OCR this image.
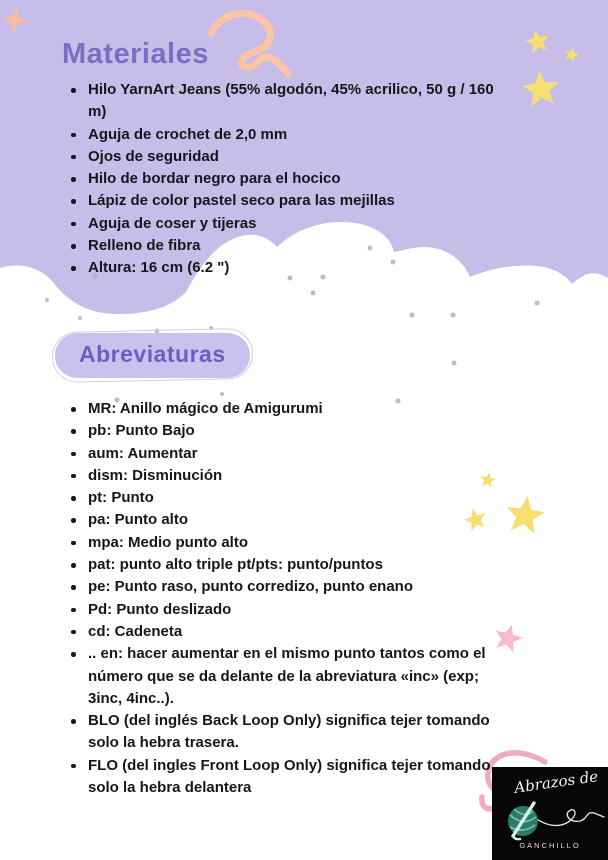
Materiales
Hilo YarnArt Jeans (55% algodón, 45% acrilico, 50 g / 160 m)
Aguja de crochet de 2,0 mm
Ojos de seguridad
Hilo de bordar negro para el hocico
Lápiz de color pastel seco para las mejillas
Aguja de coser y tijeras
Relleno de fibra
Altura: 16 cm (6.2 ")
Abreviaturas
MR: Anillo mágico de Amigurumi
pb: Punto Bajo
aum: Aumentar
dism: Disminución
pt: Punto
pa: Punto alto
mpa: Medio punto alto
pat: punto alto triple pt/pts: punto/puntos
pe: Punto raso, punto corredizo, punto enano
Pd: Punto deslizado
cd: Cadeneta
.. en: hacer aumentar en el mismo punto tantos como el número que se da delante de la abreviatura «inc» (exp; 3inc, 4inc..).
BLO (del inglés Back Loop Only) significa tejer tomando solo la hebra trasera.
FLO (del ingles Front Loop Only) significa tejer tomando solo la hebra delantera	Abrazos de
GANCHILLO
